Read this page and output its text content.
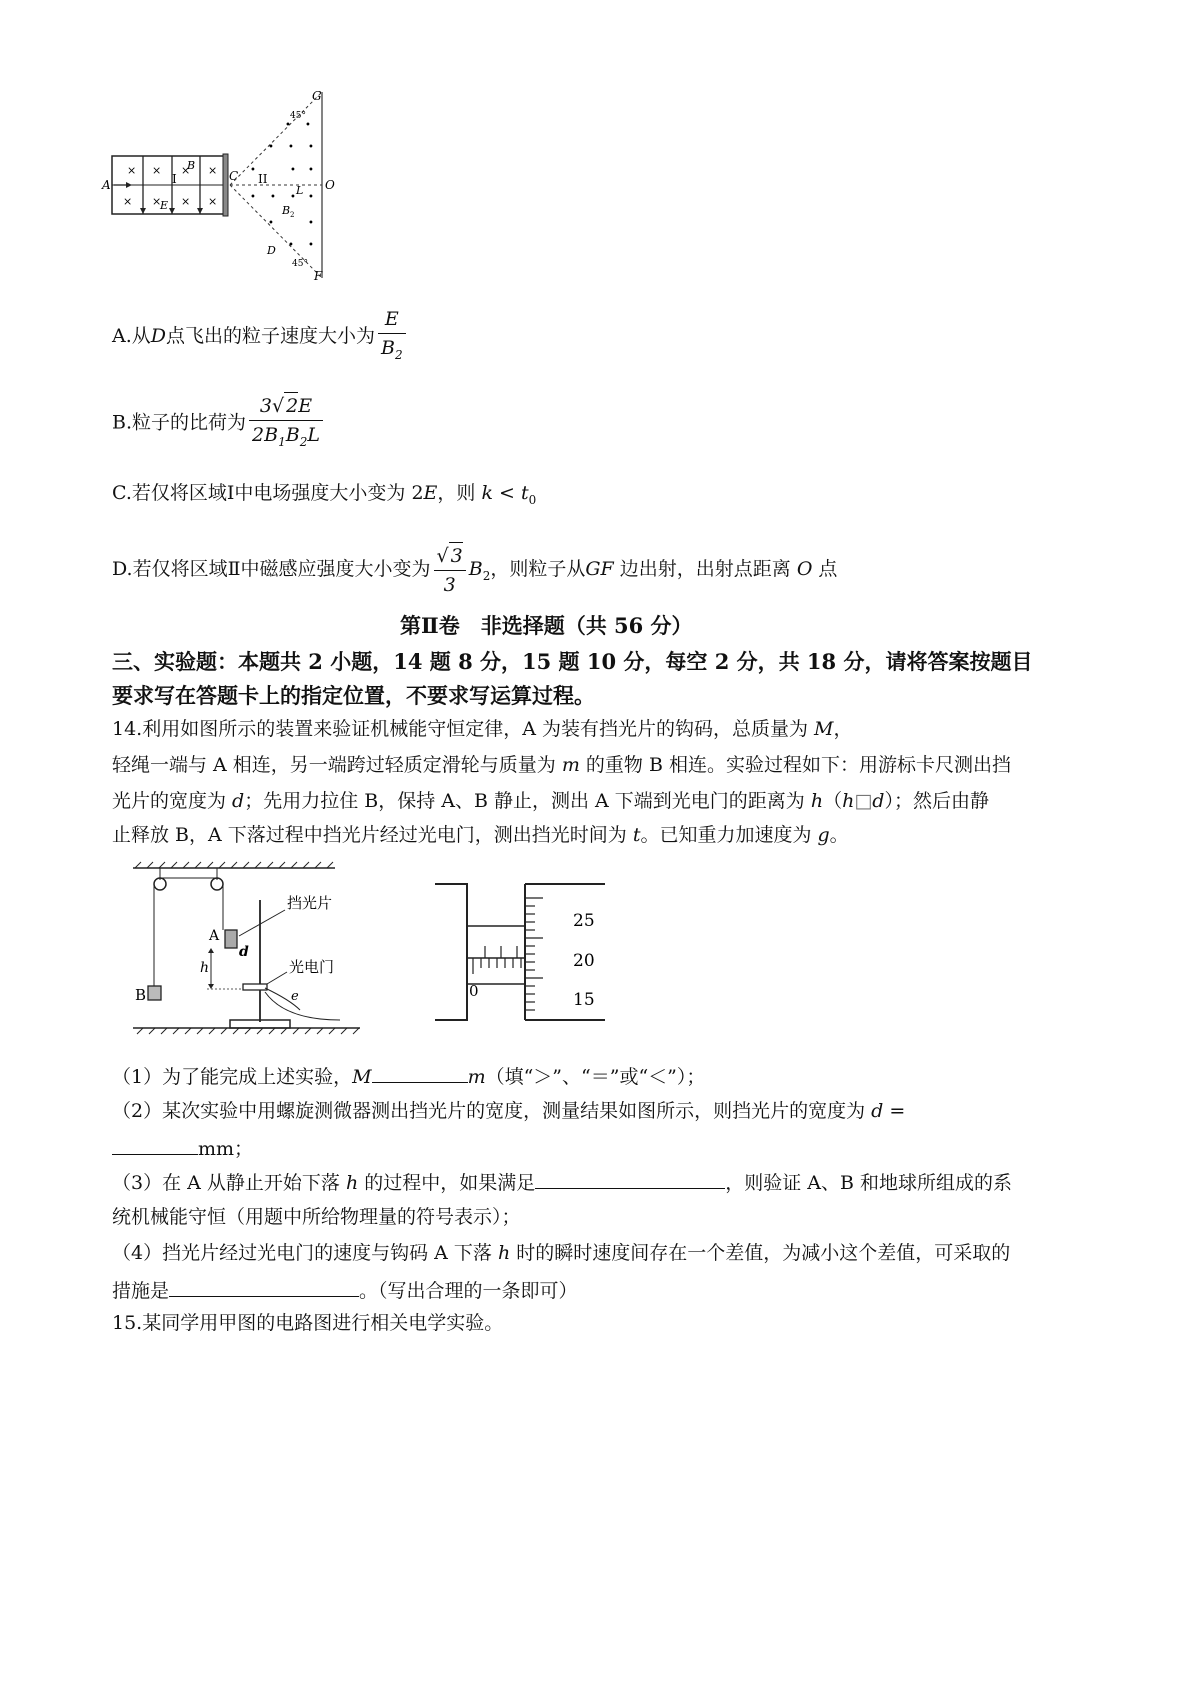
× × × ×
× × × ×
A	I
B
E
C
• •
• • •
•	• •
• • • •
•	•
• •
II
L O
B 2
G
45°
D
45°
F
A.从D点飞出的粒子速度大小为 $\frac{E}{B_2}$
B.粒子的比荷为 $\frac{3√ 2E}{2B_1B_2L}$
C.若仅将区域Ⅰ中电场强度大小变为 2E，则 $k < t_0$
D.若仅将区域Ⅱ中磁感应强度大小变为 $\frac{√ 3}{3} B_2$，则粒子从GF 边出射，出射点距离 O 点
第Ⅱ卷　非选择题（共 56 分）
三、实验题：本题共 2 小题，14 题 8 分，15 题 10 分，每空 2 分，共 18 分，请将答案按题目
要求写在答题卡上的指定位置，不要求写运算过程。
14.利用如图所示的装置来验证机械能守恒定律，A 为装有挡光片的钩码，总质量为 M，
轻绳一端与 A 相连，另一端跨过轻质定滑轮与质量为 m 的重物 B 相连。实验过程如下：用游标卡尺测出挡
光片的宽度为 d；先用力拉住 B，保持 A、B 静止，测出 A 下端到光电门的距离为 h（h□d）；然后由静
止释放 B，A 下落过程中挡光片经过光电门，测出挡光时间为 t。已知重力加速度为 g。
B
A
d
h
e
挡光片
光电门
0
25
20
15
（1）为了能完成上述实验，M	m（填“＞”、“＝”或“＜”）；
（2）某次实验中用螺旋测微器测出挡光片的宽度，测量结果如图所示，则挡光片的宽度为 d =
mm；
（3）在 A 从静止开始下落 h 的过程中，如果满足	，则验证 A、B 和地球所组成的系
统机械能守恒（用题中所给物理量的符号表示）；
（4）挡光片经过光电门的速度与钩码 A 下落 h 时的瞬时速度间存在一个差值，为减小这个差值，可采取的
措施是	。（写出合理的一条即可）
15.某同学用甲图的电路图进行相关电学实验。
